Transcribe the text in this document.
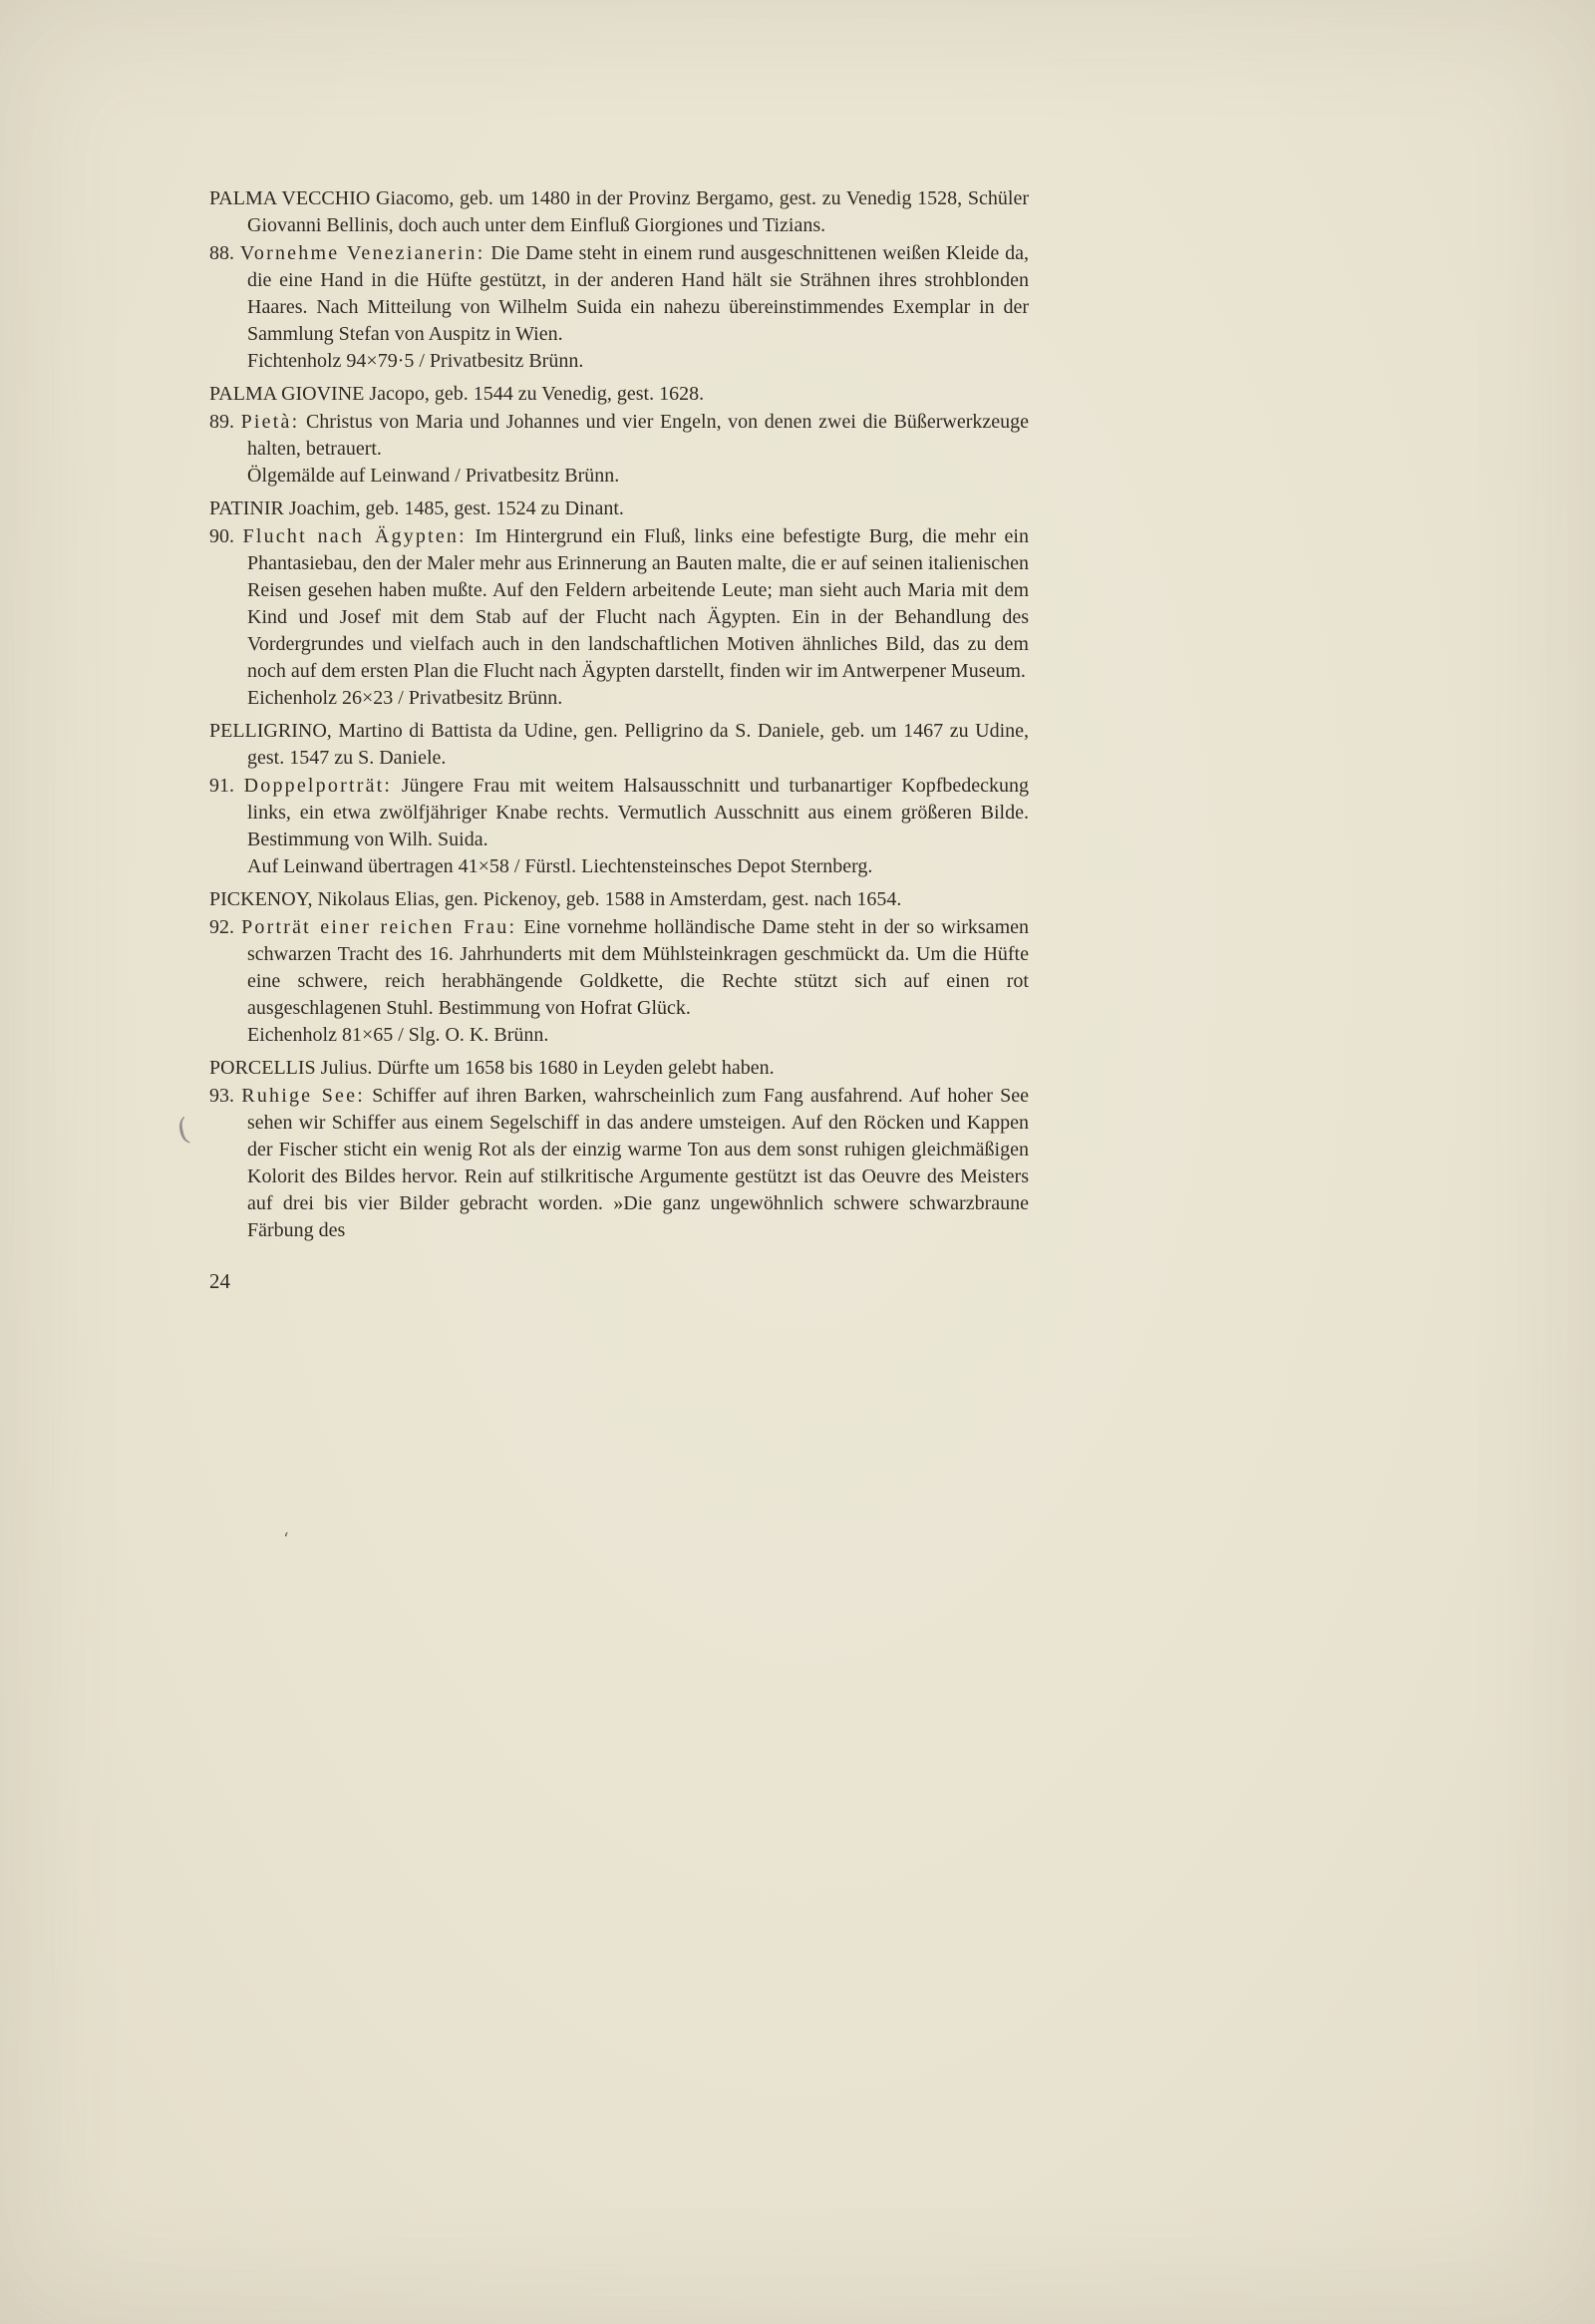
PALMA VECCHIO Giacomo, geb. um 1480 in der Provinz Bergamo, gest. zu Venedig 1528, Schüler Giovanni Bellinis, doch auch unter dem Einfluß Giorgiones und Tizians.

88. Vornehme Venezianerin: Die Dame steht in einem rund ausgeschnittenen weißen Kleide da, die eine Hand in die Hüfte gestützt, in der anderen Hand hält sie Strähnen ihres strohblonden Haares. Nach Mitteilung von Wilhelm Suida ein nahezu übereinstimmendes Exemplar in der Sammlung Stefan von Auspitz in Wien.

Fichtenholz 94×79·5 / Privatbesitz Brünn.

PALMA GIOVINE Jacopo, geb. 1544 zu Venedig, gest. 1628.

89. Pietà: Christus von Maria und Johannes und vier Engeln, von denen zwei die Büßerwerkzeuge halten, betrauert.

Ölgemälde auf Leinwand / Privatbesitz Brünn.

PATINIR Joachim, geb. 1485, gest. 1524 zu Dinant.

90. Flucht nach Ägypten: Im Hintergrund ein Fluß, links eine befestigte Burg, die mehr ein Phantasiebau, den der Maler mehr aus Erinnerung an Bauten malte, die er auf seinen italienischen Reisen gesehen haben mußte. Auf den Feldern arbeitende Leute; man sieht auch Maria mit dem Kind und Josef mit dem Stab auf der Flucht nach Ägypten. Ein in der Behandlung des Vordergrundes und vielfach auch in den landschaftlichen Motiven ähnliches Bild, das zu dem noch auf dem ersten Plan die Flucht nach Ägypten darstellt, finden wir im Antwerpener Museum.

Eichenholz 26×23 / Privatbesitz Brünn.

PELLIGRINO, Martino di Battista da Udine, gen. Pelligrino da S. Daniele, geb. um 1467 zu Udine, gest. 1547 zu S. Daniele.

91. Doppelporträt: Jüngere Frau mit weitem Halsausschnitt und turbanartiger Kopfbedeckung links, ein etwa zwölfjähriger Knabe rechts. Vermutlich Ausschnitt aus einem größeren Bilde. Bestimmung von Wilh. Suida.

Auf Leinwand übertragen 41×58 / Fürstl. Liechtensteinsches Depot Sternberg.

PICKENOY, Nikolaus Elias, gen. Pickenoy, geb. 1588 in Amsterdam, gest. nach 1654.

92. Porträt einer reichen Frau: Eine vornehme holländische Dame steht in der so wirksamen schwarzen Tracht des 16. Jahrhunderts mit dem Mühlsteinkragen geschmückt da. Um die Hüfte eine schwere, reich herabhängende Goldkette, die Rechte stützt sich auf einen rot ausgeschlagenen Stuhl. Bestimmung von Hofrat Glück.

Eichenholz 81×65 / Slg. O. K. Brünn.

PORCELLIS Julius. Dürfte um 1658 bis 1680 in Leyden gelebt haben.

93. Ruhige See: Schiffer auf ihren Barken, wahrscheinlich zum Fang ausfahrend. Auf hoher See sehen wir Schiffer aus einem Segelschiff in das andere umsteigen. Auf den Röcken und Kappen der Fischer sticht ein wenig Rot als der einzig warme Ton aus dem sonst ruhigen gleichmäßigen Kolorit des Bildes hervor. Rein auf stilkritische Argumente gestützt ist das Oeuvre des Meisters auf drei bis vier Bilder gebracht worden. »Die ganz ungewöhnlich schwere schwarzbraune Färbung des

24
(
ʻ
